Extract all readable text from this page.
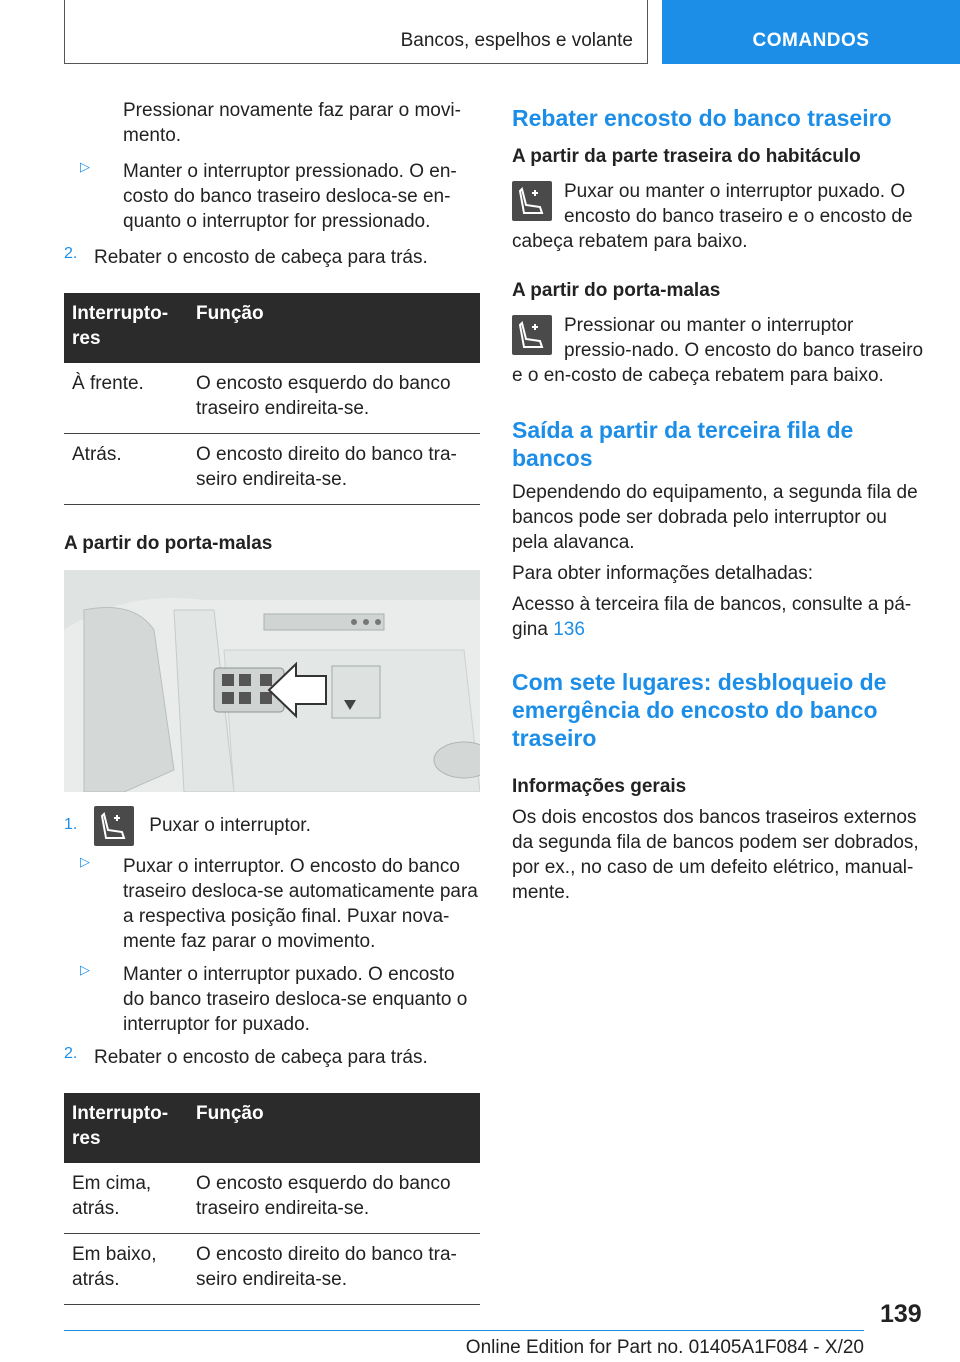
Bancos, espelhos e volante	COMANDOS

Pressionar novamente faz parar o movi‐mento.

▷ Manter o interruptor pressionado. O en‐costo do banco traseiro desloca-se en‐quanto o interruptor for pressionado.

2. Rebater o encosto de cabeça para trás.

Interrupto‐res	Função
À frente.	O encosto esquerdo do banco traseiro endireita-se.
Atrás.	O encosto direito do banco tra‐seiro endireita-se.

A partir do porta-malas

1.	Puxar o interruptor.

▷ Puxar o interruptor. O encosto do banco traseiro desloca-se automaticamente para a respectiva posição final. Puxar nova‐mente faz parar o movimento.

▷ Manter o interruptor puxado. O encosto do banco traseiro desloca-se enquanto o interruptor for puxado.

2. Rebater o encosto de cabeça para trás.

Interrupto‐res	Função
Em cima, atrás.	O encosto esquerdo do banco traseiro endireita-se.
Em baixo, atrás.	O encosto direito do banco tra‐seiro endireita-se.
Rebater encosto do banco traseiro

A partir da parte traseira do habitáculo

Puxar ou manter o interruptor puxado. O encosto do banco traseiro e o encosto de cabeça rebatem para baixo.

A partir do porta-malas

Pressionar ou manter o interruptor pressio‐nado. O encosto do banco traseiro e o en‐costo de cabeça rebatem para baixo.

Saída a partir da terceira fila de bancos

Dependendo do equipamento, a segunda fila de bancos pode ser dobrada pelo interruptor ou pela alavanca.

Para obter informações detalhadas:

Acesso à terceira fila de bancos, consulte a pá‐gina 136

Com sete lugares: desbloqueio de emergência do encosto do banco traseiro

Informações gerais

Os dois encostos dos bancos traseiros externos da segunda fila de bancos podem ser dobrados, por ex., no caso de um defeito elétrico, manual‐mente.

139
Online Edition for Part no. 01405A1F084 - X/20
